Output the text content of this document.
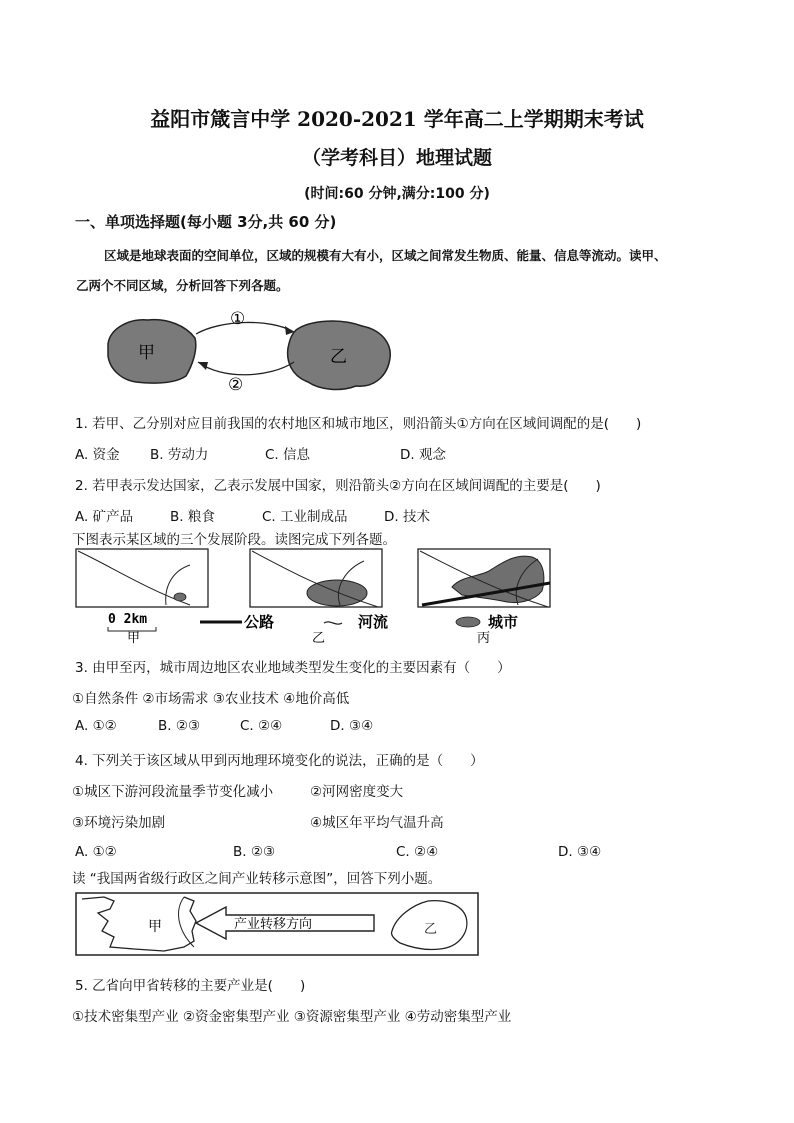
益阳市箴言中学 2020-2021 学年高二上学期期末考试
（学考科目）地理试题
(时间:60 分钟,满分:100 分)
一、单项选择题(每小题 3分,共 60 分)
区域是地球表面的空间单位，区域的规模有大有小，区域之间常发生物质、能量、信息等流动。读甲、
乙两个不同区域，分析回答下列各题。
甲	乙
①
②
1. 若甲、乙分别对应目前我国的农村地区和城市地区，则沿箭头①方向在区域间调配的是(　　)
A. 资金 B. 劳动力	C. 信息	D. 观念
2. 若甲表示发达国家，乙表示发展中国家，则沿箭头②方向在区域间调配的主要是(　　)
A. 矿产品	B. 粮食	C. 工业制成品	D. 技术
下图表示某区域的三个发展阶段。读图完成下列各题。
0 2km	公路	河流	城市
甲	乙	丙
3. 由甲至丙，城市周边地区农业地域类型发生变化的主要因素有（　　）
①自然条件 ②市场需求 ③农业技术 ④地价高低
A. ①②	B. ②③	C. ②④	D. ③④
4. 下列关于该区域从甲到丙地理环境变化的说法，正确的是（　　）
①城区下游河段流量季节变化减小	②河网密度变大
③环境污染加剧	④城区年平均气温升高
A. ①②	B. ②③	C. ②④	D. ③④
读 “我国两省级行政区之间产业转移示意图”，回答下列小题。
甲	产业转移方向	乙
5. 乙省向甲省转移的主要产业是(　　)
①技术密集型产业 ②资金密集型产业 ③资源密集型产业 ④劳动密集型产业
